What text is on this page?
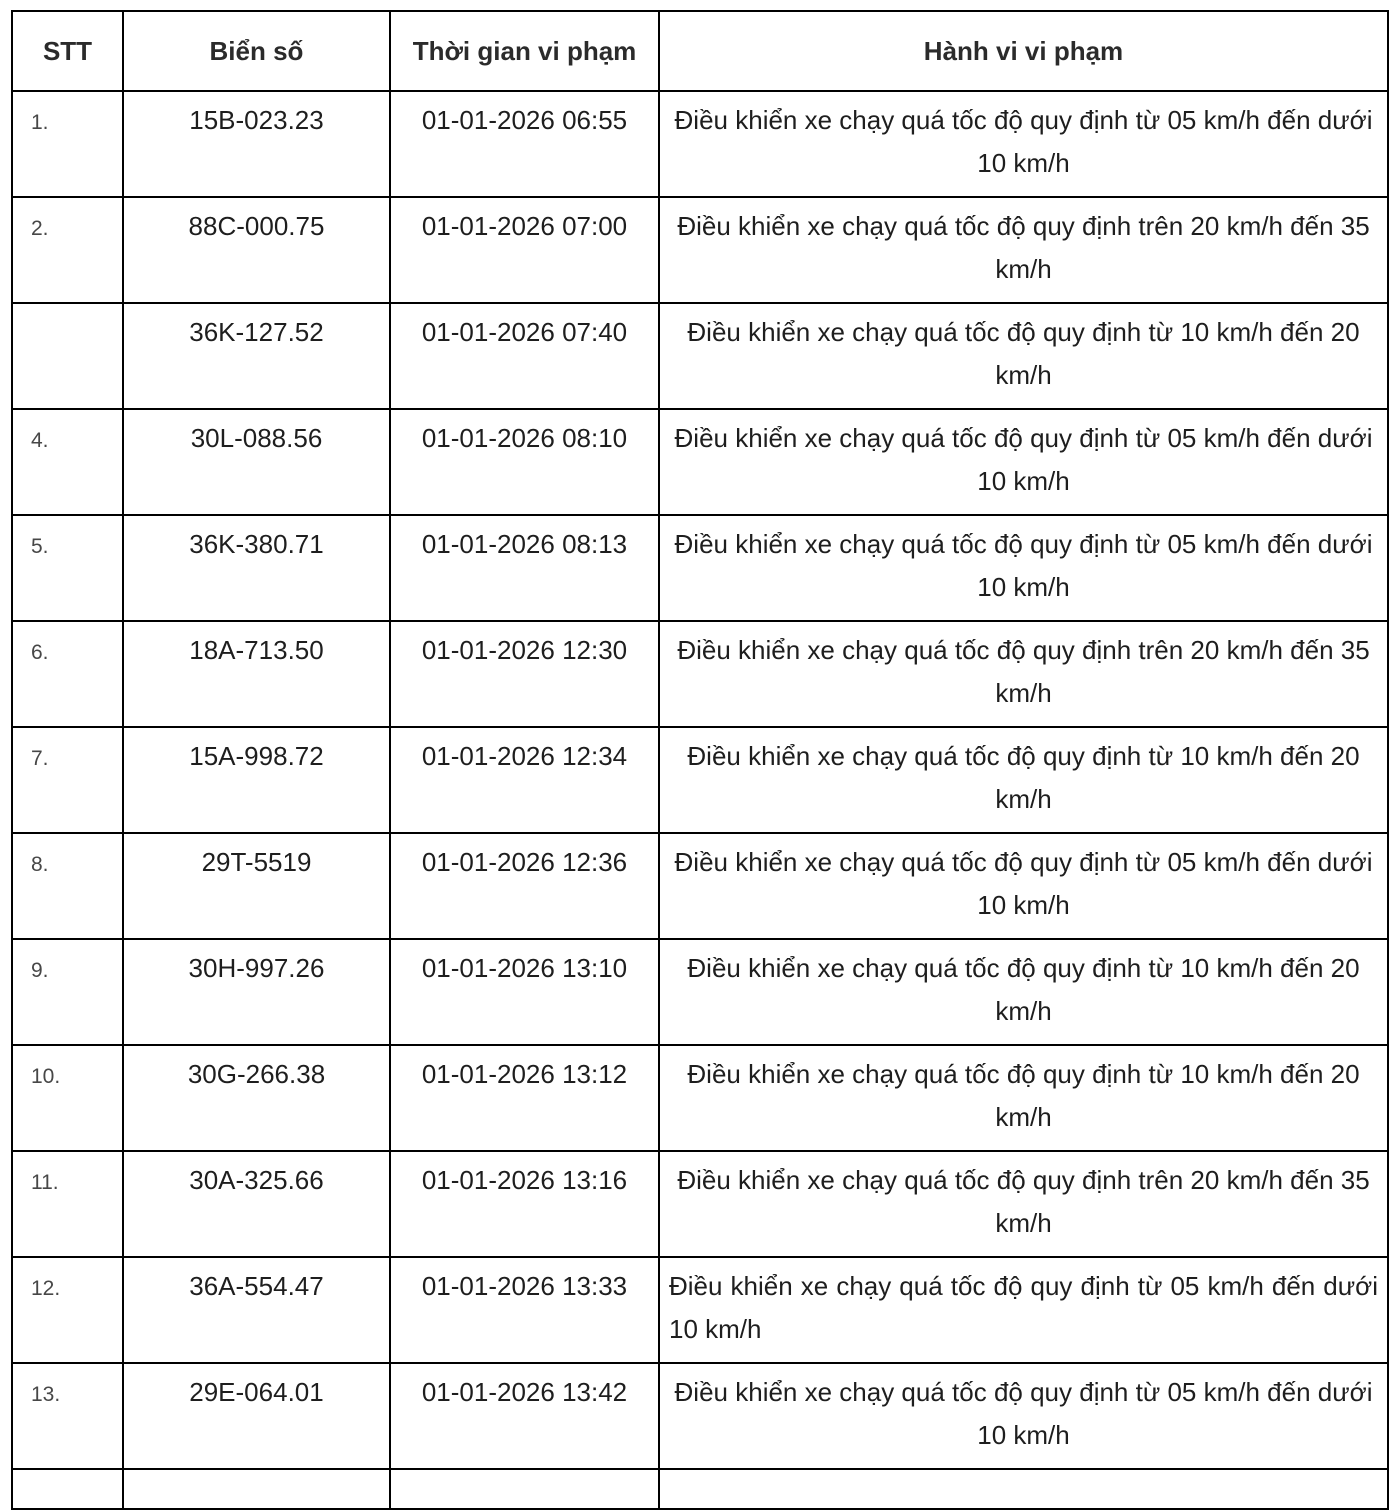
STT	Biển số	Thời gian vi phạm	Hành vi vi phạm
1.	15B-023.23	01-01-2026 06:55	Điều khiển xe chạy quá tốc độ quy định từ 05 km/h đến dưới 10 km/h
2.	88C-000.75	01-01-2026 07:00	Điều khiển xe chạy quá tốc độ quy định trên 20 km/h đến 35 km/h
	36K-127.52	01-01-2026 07:40	Điều khiển xe chạy quá tốc độ quy định từ 10 km/h đến 20 km/h
4.	30L-088.56	01-01-2026 08:10	Điều khiển xe chạy quá tốc độ quy định từ 05 km/h đến dưới 10 km/h
5.	36K-380.71	01-01-2026 08:13	Điều khiển xe chạy quá tốc độ quy định từ 05 km/h đến dưới 10 km/h
6.	18A-713.50	01-01-2026 12:30	Điều khiển xe chạy quá tốc độ quy định trên 20 km/h đến 35 km/h
7.	15A-998.72	01-01-2026 12:34	Điều khiển xe chạy quá tốc độ quy định từ 10 km/h đến 20 km/h
8.	29T-5519	01-01-2026 12:36	Điều khiển xe chạy quá tốc độ quy định từ 05 km/h đến dưới 10 km/h
9.	30H-997.26	01-01-2026 13:10	Điều khiển xe chạy quá tốc độ quy định từ 10 km/h đến 20 km/h
10.	30G-266.38	01-01-2026 13:12	Điều khiển xe chạy quá tốc độ quy định từ 10 km/h đến 20 km/h
11.	30A-325.66	01-01-2026 13:16	Điều khiển xe chạy quá tốc độ quy định trên 20 km/h đến 35 km/h
12.	36A-554.47	01-01-2026 13:33	Điều khiển xe chạy quá tốc độ quy định từ 05 km/h đến dưới 10 km/h
13.	29E-064.01	01-01-2026 13:42	Điều khiển xe chạy quá tốc độ quy định từ 05 km/h đến dưới 10 km/h
